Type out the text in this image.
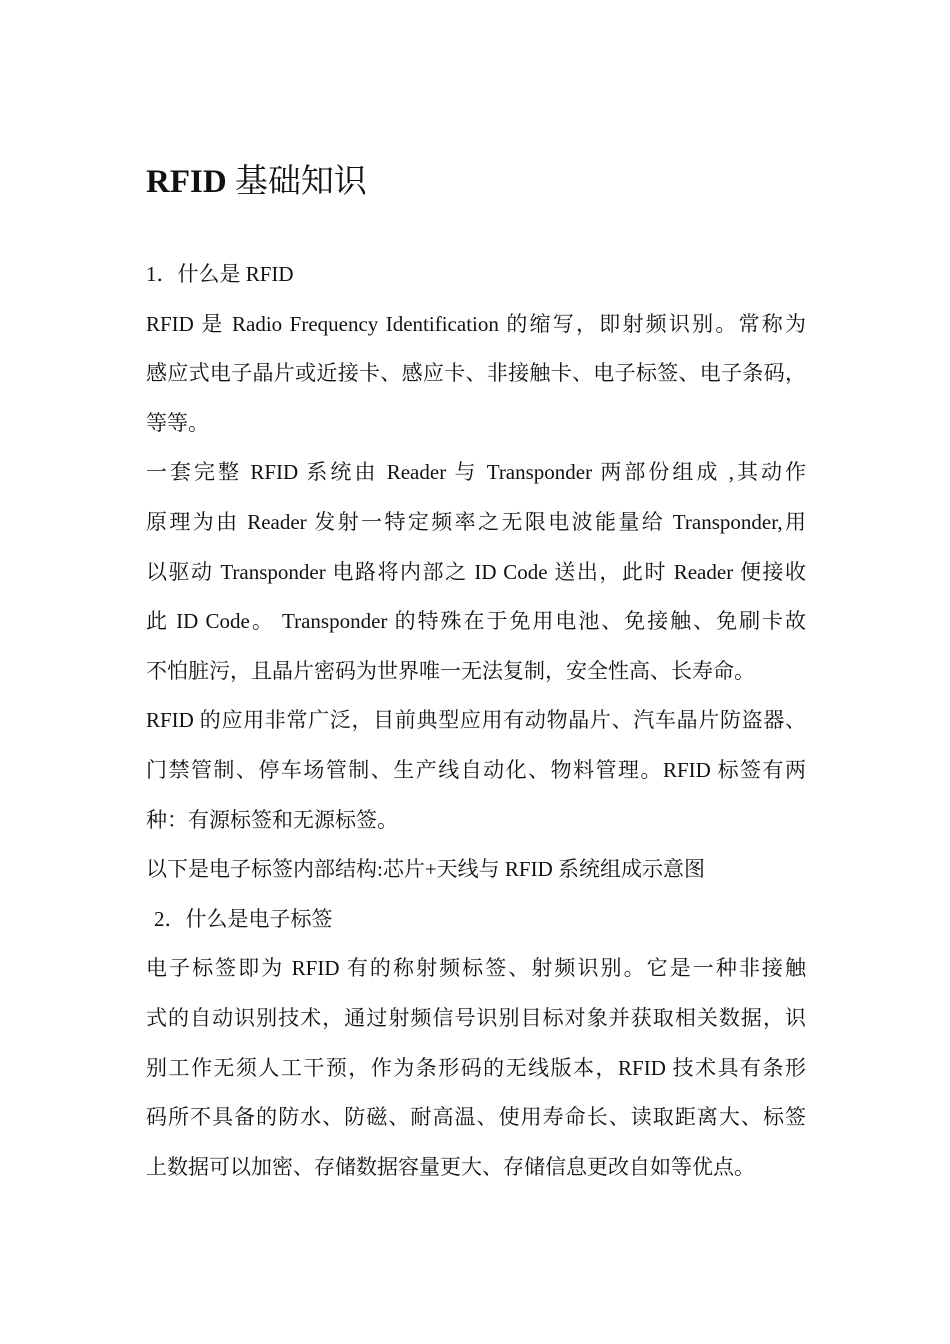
RFID 基础知识
1．什么是 RFID
RFID 是 Radio Frequency Identification 的缩写，即射频识别。常称为
感应式电子晶片或近接卡、感应卡、非接触卡、电子标签、电子条码，
等等。
一套完整 RFID 系统由 Reader 与 Transponder 两部份组成 ,其动作
原理为由 Reader 发射一特定频率之无限电波能量给 Transponder,用
以驱动 Transponder 电路将内部之 ID Code 送出，此时 Reader 便接收
此 ID Code。 Transponder 的特殊在于免用电池、免接触、免刷卡故
不怕脏污，且晶片密码为世界唯一无法复制，安全性高、长寿命。
RFID 的应用非常广泛，目前典型应用有动物晶片、汽车晶片防盗器、
门禁管制、停车场管制、生产线自动化、物料管理。RFID 标签有两
种：有源标签和无源标签。
以下是电子标签内部结构:芯片+天线与 RFID 系统组成示意图
2．什么是电子标签
电子标签即为 RFID 有的称射频标签、射频识别。它是一种非接触
式的自动识别技术，通过射频信号识别目标对象并获取相关数据，识
别工作无须人工干预，作为条形码的无线版本，RFID 技术具有条形
码所不具备的防水、防磁、耐高温、使用寿命长、读取距离大、标签
上数据可以加密、存储数据容量更大、存储信息更改自如等优点。
